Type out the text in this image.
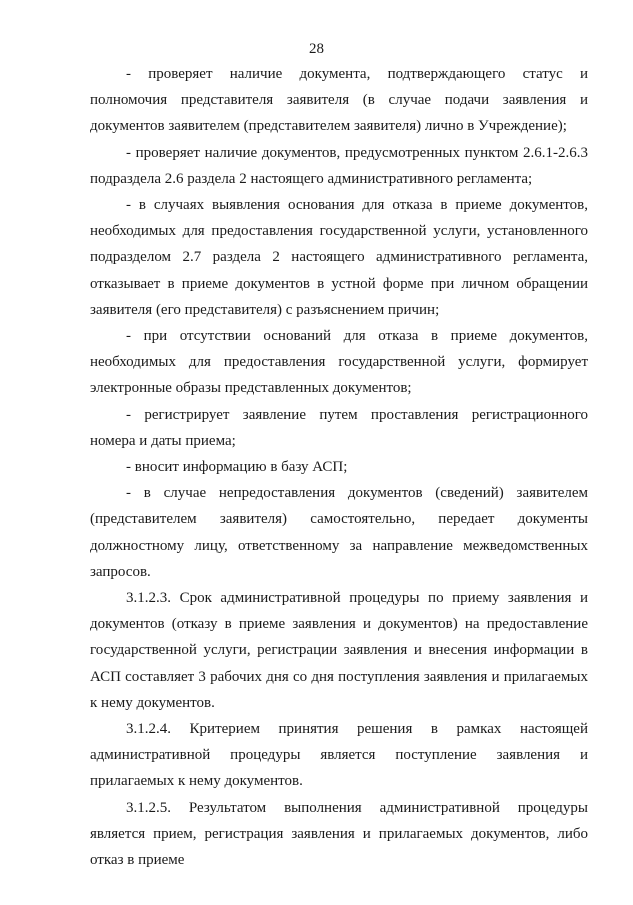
28

- проверяет наличие документа, подтверждающего статус и полномочия представителя заявителя (в случае подачи заявления и документов заявителем (представителем заявителя) лично в Учреждение);

- проверяет наличие документов, предусмотренных пунктом 2.6.1-2.6.3 подраздела 2.6 раздела 2 настоящего административного регламента;

- в случаях выявления основания для отказа в приеме документов, необходимых для предоставления государственной услуги, установленного подразделом 2.7 раздела 2 настоящего административного регламента, отказывает в приеме документов в устной форме при личном обращении заявителя (его представителя) с разъяснением причин;

- при отсутствии оснований для отказа в приеме документов, необходимых для предоставления государственной услуги, формирует электронные образы представленных документов;

- регистрирует заявление путем проставления регистрационного номера и даты приема;

- вносит информацию в базу АСП;

- в случае непредоставления документов (сведений) заявителем (представителем заявителя) самостоятельно, передает документы должностному лицу, ответственному за направление межведомственных запросов.

3.1.2.3. Срок административной процедуры по приему заявления и документов (отказу в приеме заявления и документов) на предоставление государственной услуги, регистрации заявления и внесения информации в АСП составляет 3 рабочих дня со дня поступления заявления и прилагаемых к нему документов.

3.1.2.4. Критерием принятия решения в рамках настоящей административной процедуры является поступление заявления и прилагаемых к нему документов.

3.1.2.5. Результатом выполнения административной процедуры является прием, регистрация заявления и прилагаемых документов, либо отказ в приеме
